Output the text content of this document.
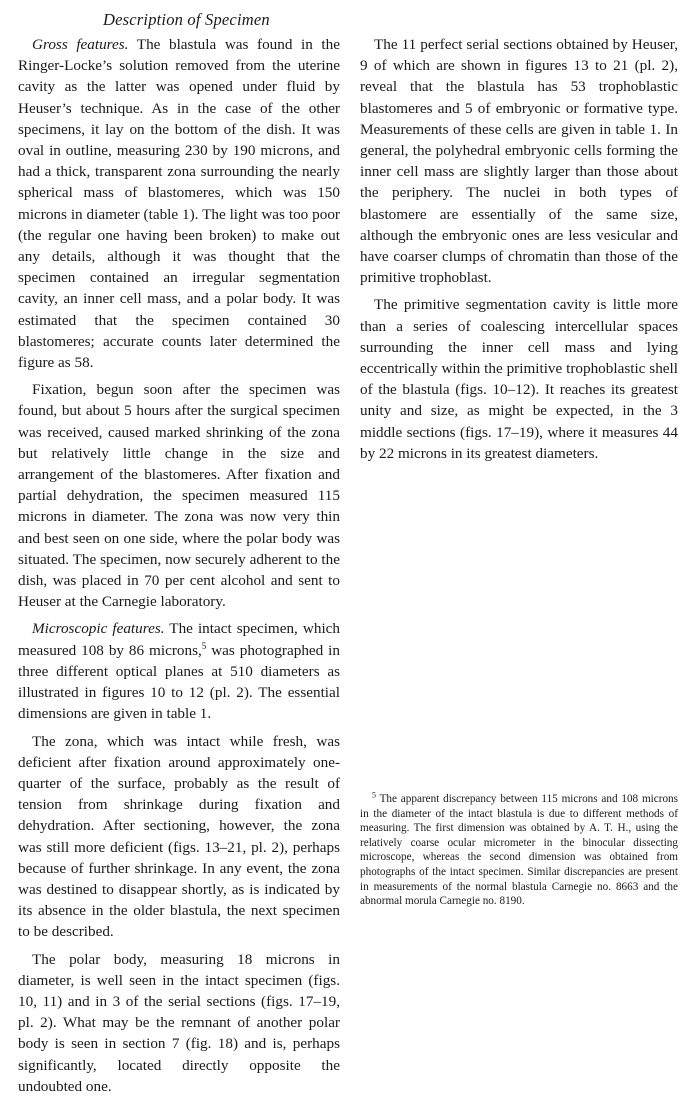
Description of Specimen

Gross features. The blastula was found in the Ringer-Locke’s solution removed from the uterine cavity as the latter was opened under fluid by Heuser’s technique. As in the case of the other specimens, it lay on the bottom of the dish. It was oval in outline, measuring 230 by 190 microns, and had a thick, transparent zona surrounding the nearly spherical mass of blastomeres, which was 150 microns in diameter (table 1). The light was too poor (the regular one having been broken) to make out any details, although it was thought that the specimen contained an irregular segmentation cavity, an inner cell mass, and a polar body. It was estimated that the specimen contained 30 blastomeres; accurate counts later determined the figure as 58.

Fixation, begun soon after the specimen was found, but about 5 hours after the surgical specimen was received, caused marked shrinking of the zona but relatively little change in the size and arrangement of the blastomeres. After fixation and partial dehydration, the specimen measured 115 microns in diameter. The zona was now very thin and best seen on one side, where the polar body was situated. The specimen, now securely adherent to the dish, was placed in 70 per cent alcohol and sent to Heuser at the Carnegie laboratory.

Microscopic features. The intact specimen, which measured 108 by 86 microns,$^5$ was photographed in three different optical planes at 510 diameters as illustrated in figures 10 to 12 (pl. 2). The essential dimensions are given in table 1.

The zona, which was intact while fresh, was deficient after fixation around approximately one-quarter of the surface, probably as the result of tension from shrinkage during fixation and dehydration. After sectioning, however, the zona was still more deficient (figs. 13–21, pl. 2), perhaps because of further shrinkage. In any event, the zona was destined to disappear shortly, as is indicated by its absence in the older blastula, the next specimen to be described.

The polar body, measuring 18 microns in diameter, is well seen in the intact specimen (figs. 10, 11) and in 3 of the serial sections (figs. 17–19, pl. 2). What may be the remnant of another polar body is seen in section 7 (fig. 18) and is, perhaps significantly, located directly opposite the undoubted one.

The 11 perfect serial sections obtained by Heuser, 9 of which are shown in figures 13 to 21 (pl. 2), reveal that the blastula has 53 trophoblastic blastomeres and 5 of embryonic or formative type. Measurements of these cells are given in table 1. In general, the polyhedral embryonic cells forming the inner cell mass are slightly larger than those about the periphery. The nuclei in both types of blastomere are essentially of the same size, although the embryonic ones are less vesicular and have coarser clumps of chromatin than those of the primitive trophoblast.

The primitive segmentation cavity is little more than a series of coalescing intercellular spaces surrounding the inner cell mass and lying eccentrically within the primitive trophoblastic shell of the blastula (figs. 10–12). It reaches its greatest unity and size, as might be expected, in the 3 middle sections (figs. 17–19), where it measures 44 by 22 microns in its greatest diameters.

$^5$ The apparent discrepancy between 115 microns and 108 microns in the diameter of the intact blastula is due to different methods of measuring. The first dimension was obtained by A. T. H., using the relatively coarse ocular micrometer in the binocular dissecting microscope, whereas the second dimension was obtained from photographs of the intact specimen. Similar discrepancies are present in measurements of the normal blastula Carnegie no. 8663 and the abnormal morula Carnegie no. 8190.
